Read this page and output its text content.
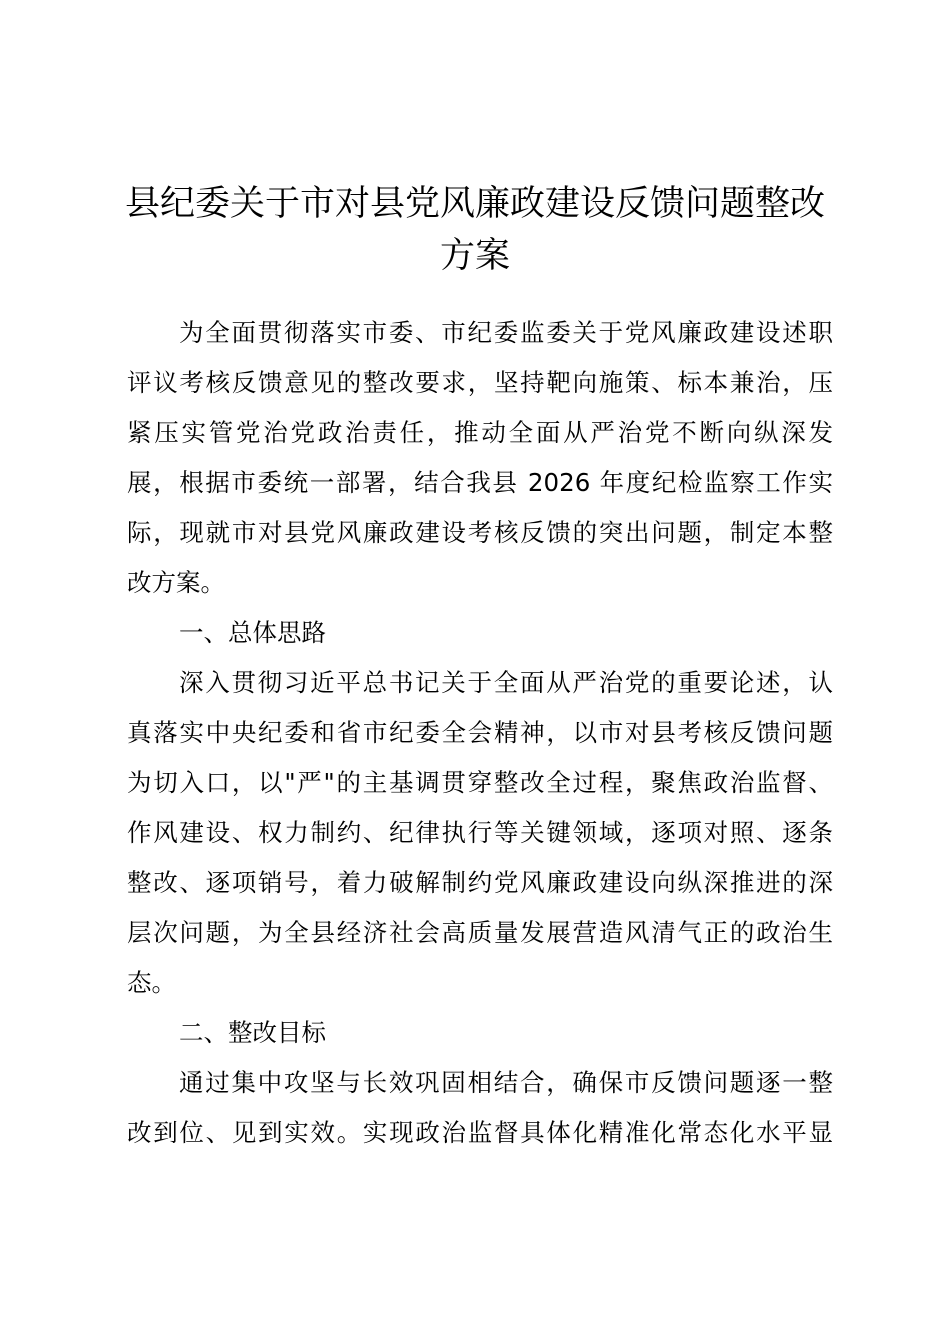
县纪委关于市对县党风廉政建设反馈问题整改
方案
为全面贯彻落实市委、市纪委监委关于党风廉政建设述职
评议考核反馈意见的整改要求，坚持靶向施策、标本兼治，压
紧压实管党治党政治责任，推动全面从严治党不断向纵深发
展，根据市委统一部署，结合我县 2026 年度纪检监察工作实
际，现就市对县党风廉政建设考核反馈的突出问题，制定本整
改方案。
一、总体思路
深入贯彻习近平总书记关于全面从严治党的重要论述，认
真落实中央纪委和省市纪委全会精神，以市对县考核反馈问题
为切入口，以"严"的主基调贯穿整改全过程，聚焦政治监督、
作风建设、权力制约、纪律执行等关键领域，逐项对照、逐条
整改、逐项销号，着力破解制约党风廉政建设向纵深推进的深
层次问题，为全县经济社会高质量发展营造风清气正的政治生
态。
二、整改目标
通过集中攻坚与长效巩固相结合，确保市反馈问题逐一整
改到位、见到实效。实现政治监督具体化精准化常态化水平显
